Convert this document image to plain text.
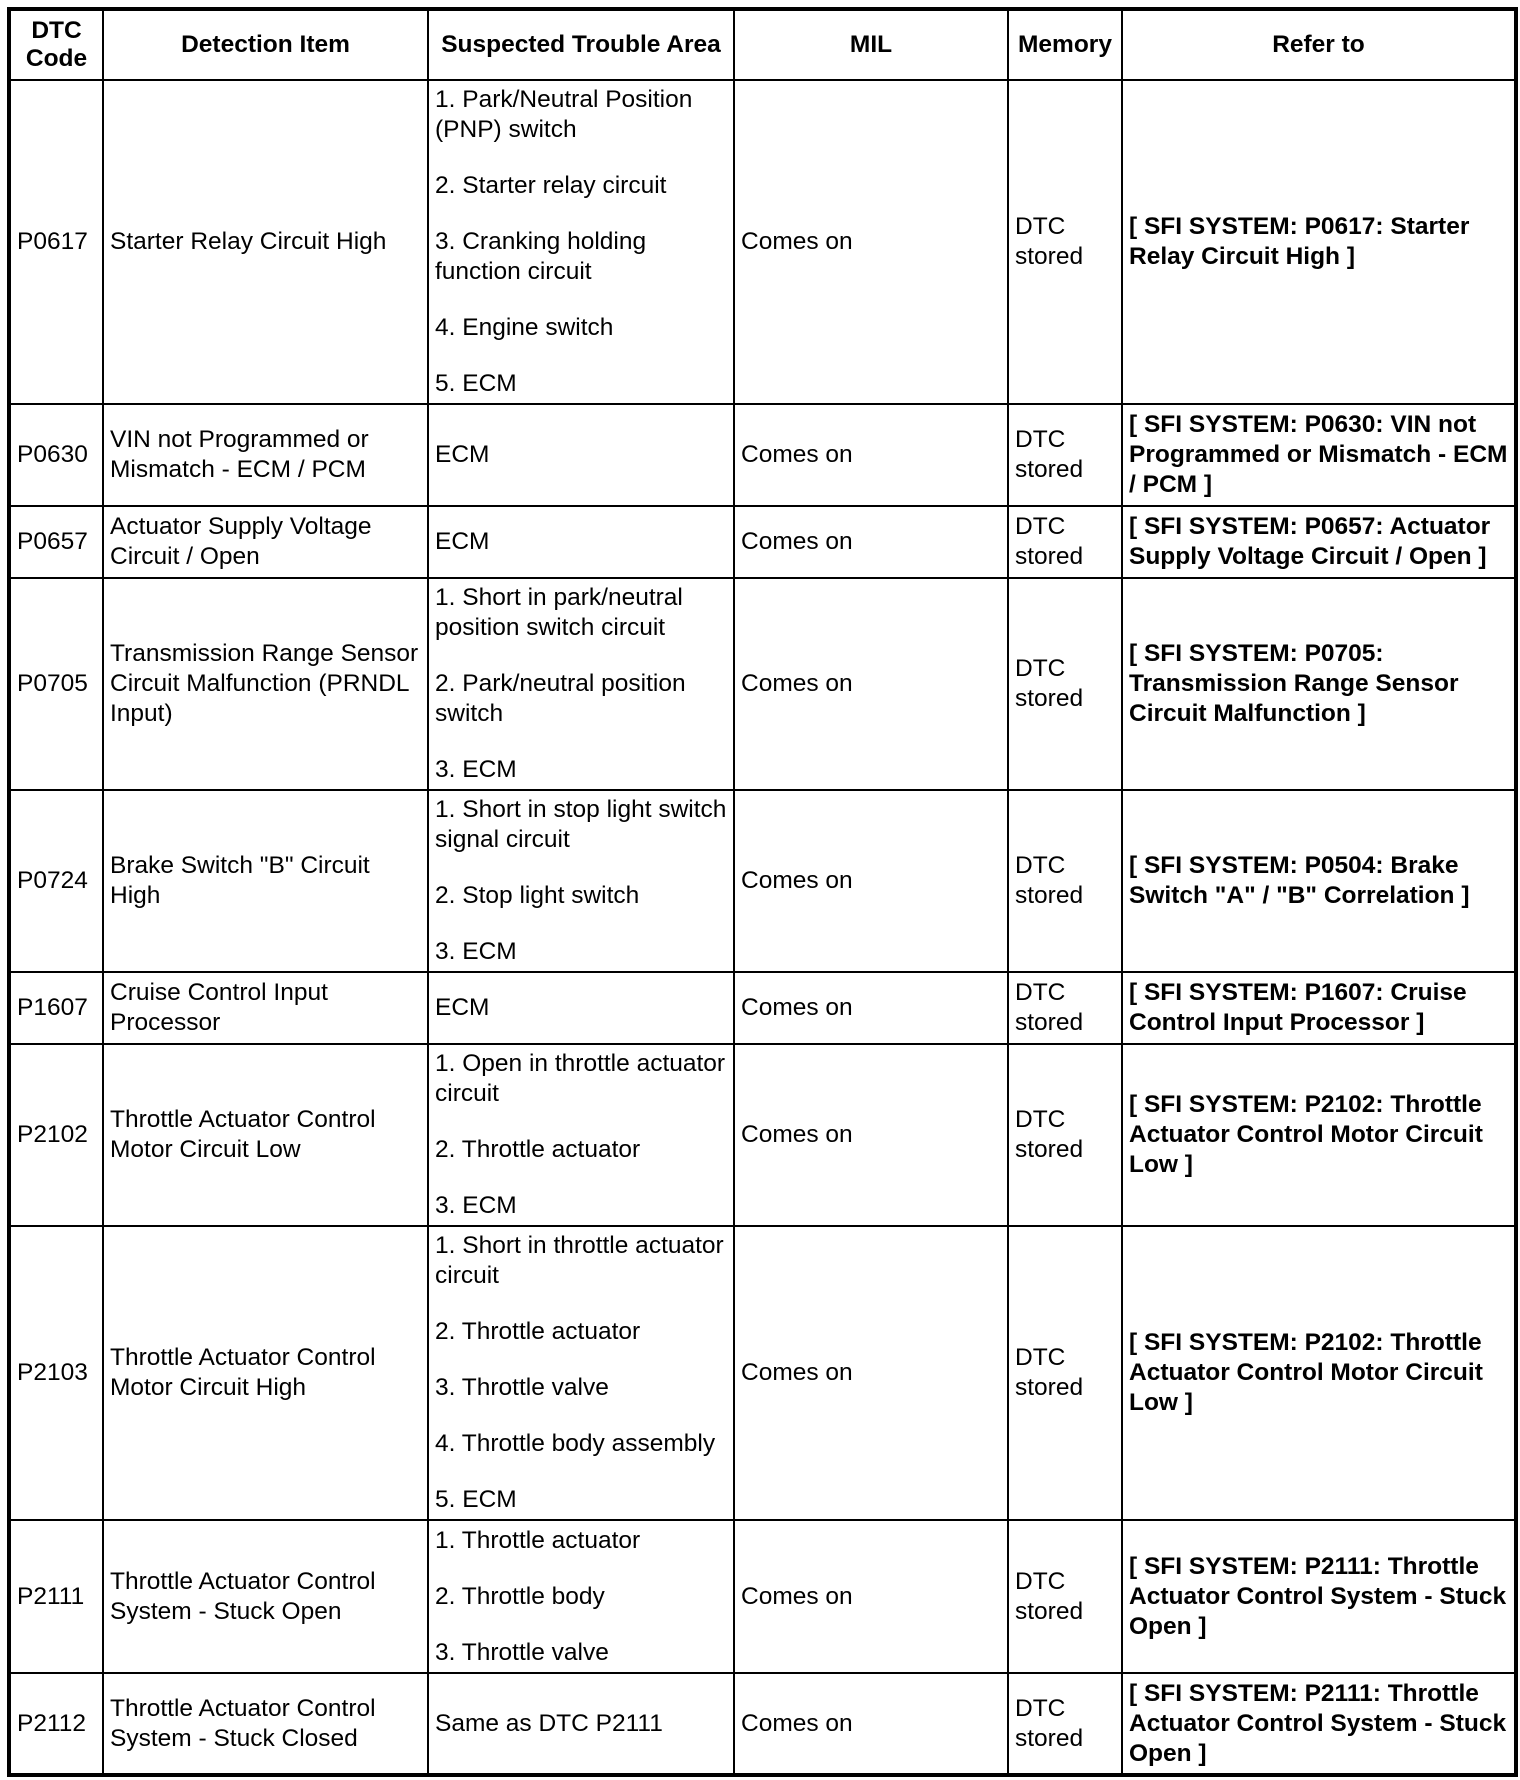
DTC Code	Detection Item	Suspected Trouble Area	MIL	Memory	Refer to
P0617	Starter Relay Circuit High	1. Park/Neutral Position (PNP) switch
2. Starter relay circuit
3. Cranking holding function circuit
4. Engine switch
5. ECM	Comes on	DTC stored	[ SFI SYSTEM: P0617: Starter Relay Circuit High ]
P0630	VIN not Programmed or Mismatch - ECM / PCM	ECM	Comes on	DTC stored	[ SFI SYSTEM: P0630: VIN not Programmed or Mismatch - ECM / PCM ]
P0657	Actuator Supply Voltage Circuit / Open	ECM	Comes on	DTC stored	[ SFI SYSTEM: P0657: Actuator Supply Voltage Circuit / Open ]
P0705	Transmission Range Sensor Circuit Malfunction (PRNDL Input)	1. Short in park/neutral position switch circuit
2. Park/neutral position switch
3. ECM	Comes on	DTC stored	[ SFI SYSTEM: P0705: Transmission Range Sensor Circuit Malfunction ]
P0724	Brake Switch "B" Circuit High	1. Short in stop light switch signal circuit
2. Stop light switch
3. ECM	Comes on	DTC stored	[ SFI SYSTEM: P0504: Brake Switch "A" / "B" Correlation ]
P1607	Cruise Control Input Processor	ECM	Comes on	DTC stored	[ SFI SYSTEM: P1607: Cruise Control Input Processor ]
P2102	Throttle Actuator Control Motor Circuit Low	1. Open in throttle actuator circuit
2. Throttle actuator
3. ECM	Comes on	DTC stored	[ SFI SYSTEM: P2102: Throttle Actuator Control Motor Circuit Low ]
P2103	Throttle Actuator Control Motor Circuit High	1. Short in throttle actuator circuit
2. Throttle actuator
3. Throttle valve
4. Throttle body assembly
5. ECM	Comes on	DTC stored	[ SFI SYSTEM: P2102: Throttle Actuator Control Motor Circuit Low ]
P2111	Throttle Actuator Control System - Stuck Open	1. Throttle actuator
2. Throttle body
3. Throttle valve	Comes on	DTC stored	[ SFI SYSTEM: P2111: Throttle Actuator Control System - Stuck Open ]
P2112	Throttle Actuator Control System - Stuck Closed	Same as DTC P2111	Comes on	DTC stored	[ SFI SYSTEM: P2111: Throttle Actuator Control System - Stuck Open ]
